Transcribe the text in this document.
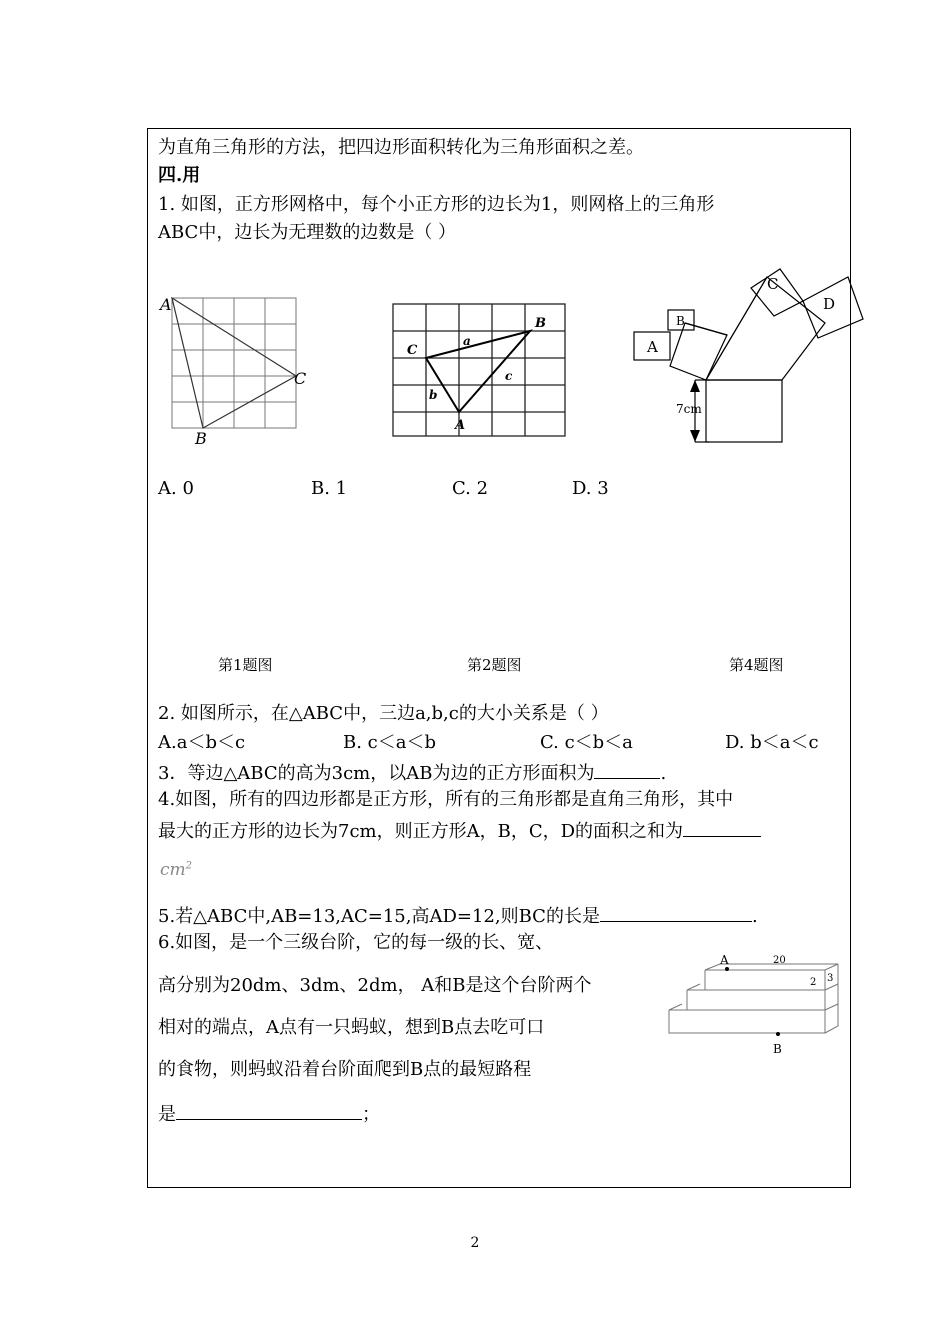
为直角三角形的方法，把四边形面积转化为三角形面积之差。
四.用
1. 如图，正方形网格中，每个小正方形的边长为1，则网格上的三角形
ABC中，边长为无理数的边数是（ ）
A
B
C
C
B
A
a
b
c
A
B
C
D
7cm
A. 0	B. 1	C. 2	D. 3
第1题图	第2题图	第4题图
2. 如图所示，在△ABC中，三边a,b,c的大小关系是（ ）
A.a＜b＜c	B. c＜a＜b	C. c＜b＜a	D. b＜a＜c
3．等边△ABC的高为3cm，以AB为边的正方形面积为	.
4.如图，所有的四边形都是正方形，所有的三角形都是直角三角形，其中
最大的正方形的边长为7cm，则正方形A，B，C，D的面积之和为
$cm^2$
5.若△ABC中,AB=13,AC=15,高AD=12,则BC的长是	.
6.如图，是一个三级台阶，它的每一级的长、宽、
高分别为20dm、3dm、2dm， A和B是这个台阶两个
相对的端点，A点有一只蚂蚁，想到B点去吃可口
的食物，则蚂蚁沿着台阶面爬到B点的最短路程
是	；
A
B
20
2 3
2
